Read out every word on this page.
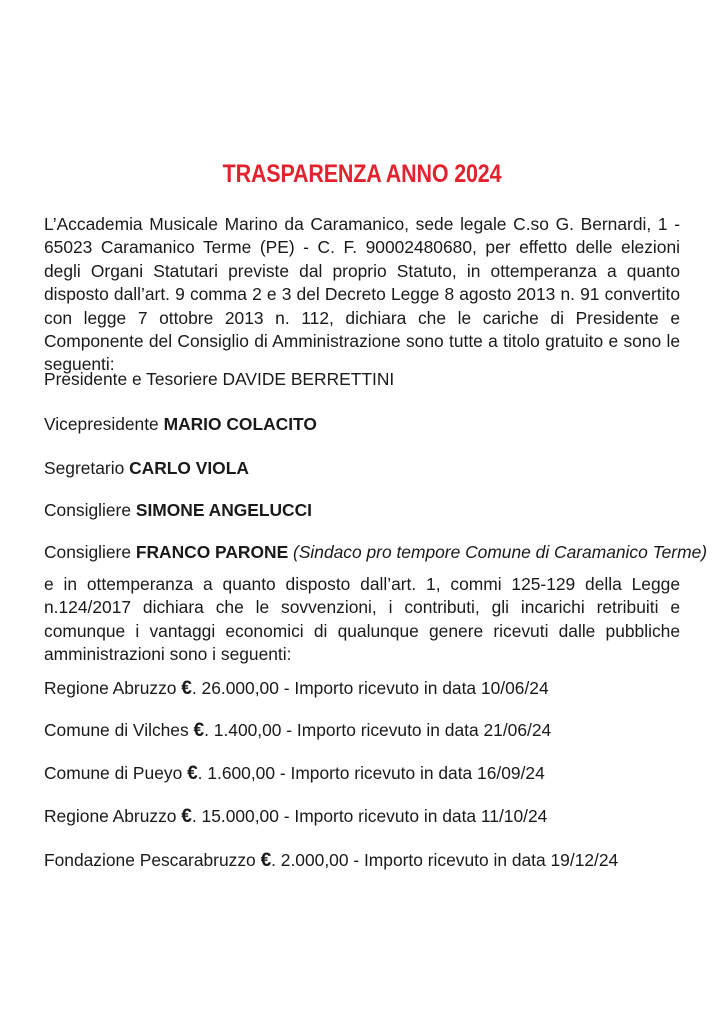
TRASPARENZA ANNO 2024

L’Accademia Musicale Marino da Caramanico, sede legale C.so G. Bernardi, 1 - 65023 Caramanico Terme (PE) - C. F. 90002480680, per effetto delle elezioni degli Organi Statutari previste dal proprio Statuto, in ottemperanza a quanto disposto dall’art. 9 comma 2 e 3 del Decreto Legge 8 agosto 2013 n. 91 convertito con legge 7 ottobre 2013 n. 112, dichiara che le cariche di Presidente e Componente del Consiglio di Amministrazione sono tutte a titolo gratuito e sono le seguenti:

Presidente e Tesoriere DAVIDE BERRETTINI

Vicepresidente MARIO COLACITO

Segretario CARLO VIOLA

Consigliere SIMONE ANGELUCCI

Consigliere FRANCO PARONE (Sindaco pro tempore Comune di Caramanico Terme)

e in ottemperanza a quanto disposto dall’art. 1, commi 125-129 della Legge n.124/2017 dichiara che le sovvenzioni, i contributi, gli incarichi retribuiti e comunque i vantaggi economici di qualunque genere ricevuti dalle pubbliche amministrazioni sono i seguenti:

Regione Abruzzo €. 26.000,00 - Importo ricevuto in data 10/06/24

Comune di Vilches €. 1.400,00 - Importo ricevuto in data 21/06/24

Comune di Pueyo €. 1.600,00 - Importo ricevuto in data 16/09/24

Regione Abruzzo €. 15.000,00 - Importo ricevuto in data 11/10/24

Fondazione Pescarabruzzo €. 2.000,00 - Importo ricevuto in data 19/12/24
